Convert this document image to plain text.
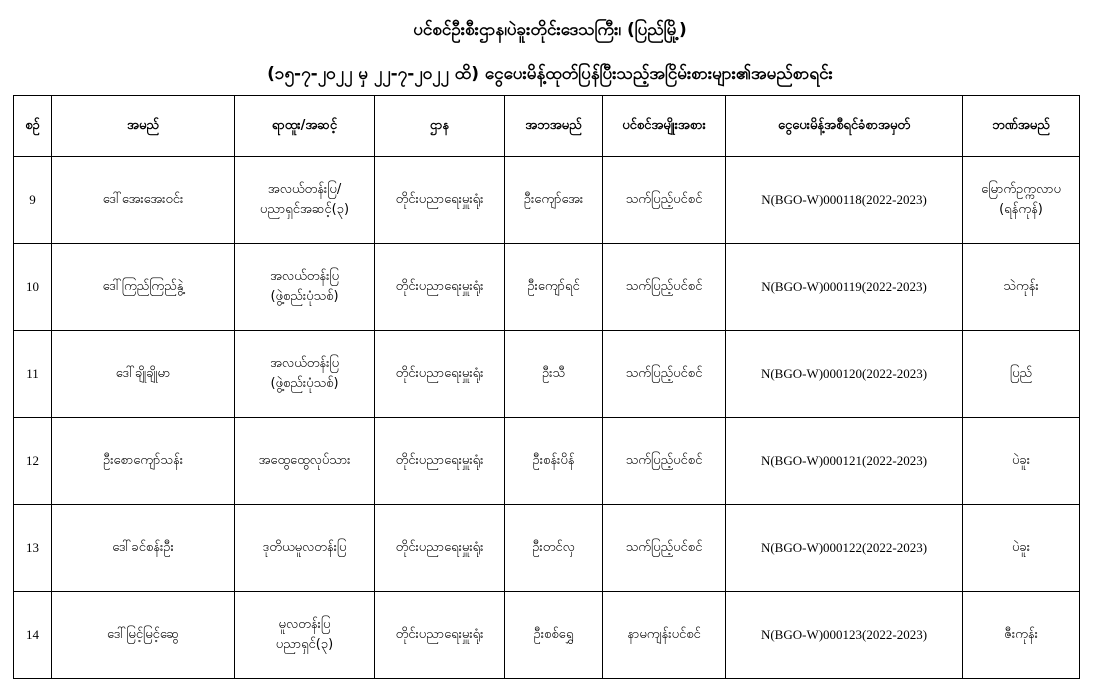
ပင်စင်ဦးစီးဌာန၊ပဲခူးတိုင်းဒေသကြီး၊ (ပြည်မြို့)
(၁၅-၇-၂၀၂၂ မှ ၂၂-၇-၂၀၂၂ ထိ) ငွေပေးမိန့်ထုတ်ပြန်ပြီးသည့်အငြိမ်းစားများ၏အမည်စာရင်း
စဉ်	အမည်	ရာထူး/အဆင့်	ဌာန	အဘအမည်	ပင်စင်အမျိုးအစား	ငွေပေးမိန့်အစီရင်ခံစာအမှတ်	ဘဏ်အမည်
9	ဒေါ်အေးအေးဝင်း	အလယ်တန်းပြ/
ပညာရှင်အဆင့်(၃)	တိုင်းပညာရေးမှူးရုံး	ဦးကျော်အေး	သက်ပြည့်ပင်စင်	N(BGO-W)000118(2022-2023)	မြောက်ဥက္ကလာပ
(ရန်ကုန်)

10	ဒေါ်ကြည်ကြည်နွဲ့	အလယ်တန်းပြ
(ဖွဲ့စည်းပုံသစ်)	တိုင်းပညာရေးမှူးရုံး	ဦးကျော်ရင်	သက်ပြည့်ပင်စင်	N(BGO-W)000119(2022-2023)	သဲကုန်း

11	ဒေါ်ချိုချိုမာ	အလယ်တန်းပြ
(ဖွဲ့စည်းပုံသစ်)	တိုင်းပညာရေးမှူးရုံး	ဦးသီ	သက်ပြည့်ပင်စင်	N(BGO-W)000120(2022-2023)	ပြည်

12	ဦးစောကျော်သန်း	အထွေထွေလုပ်သား	တိုင်းပညာရေးမှူးရုံး	ဦးစန်းပိန်	သက်ပြည့်ပင်စင်	N(BGO-W)000121(2022-2023)	ပဲခူး

13	ဒေါ်ခင်စန်းဦး	ဒုတိယမူလတန်းပြ	တိုင်းပညာရေးမှူးရုံး	ဦးတင်လှ	သက်ပြည့်ပင်စင်	N(BGO-W)000122(2022-2023)	ပဲခူး

14	ဒေါ်မြင့်မြင့်ဆွေ	မူလတန်းပြ
ပညာရှင်(၃)	တိုင်းပညာရေးမှူးရုံး	ဦးစစ်ရွှေ	နာမကျန်းပင်စင်	N(BGO-W)000123(2022-2023)	ဇီးကုန်း
